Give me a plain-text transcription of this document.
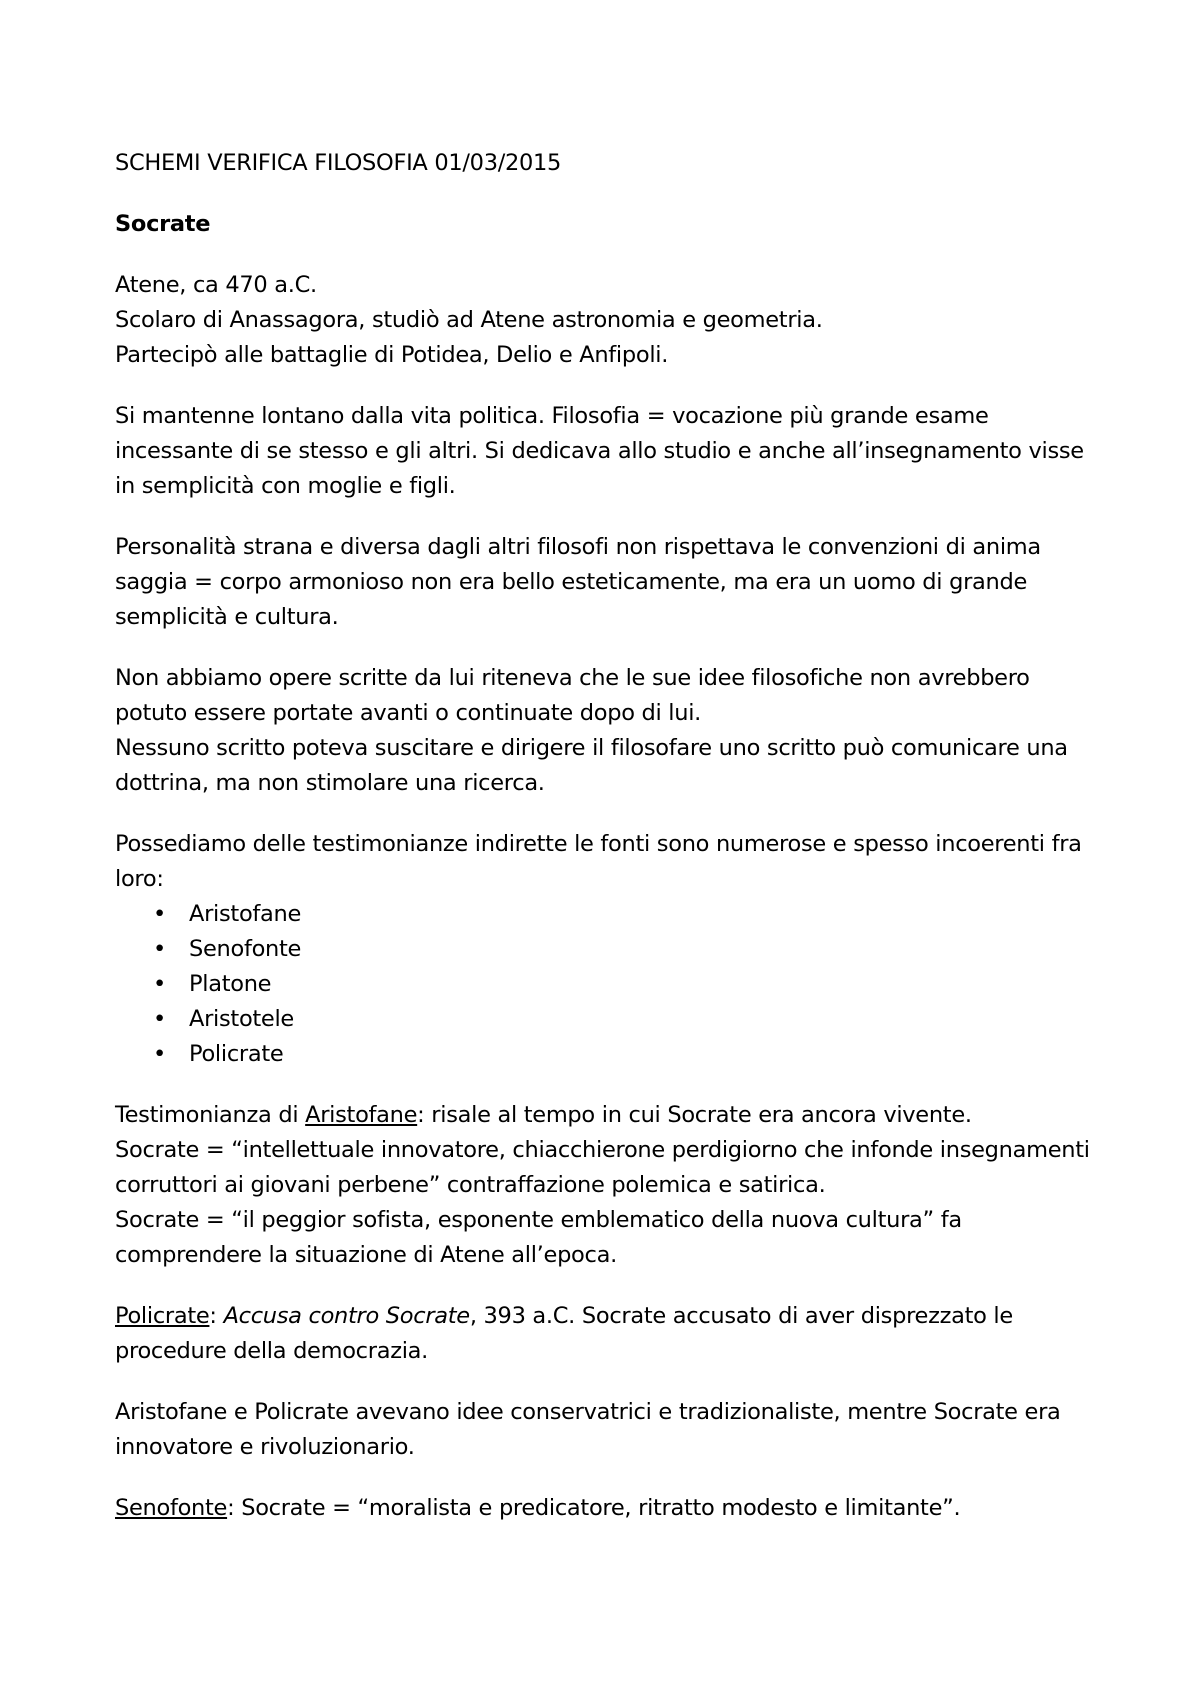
SCHEMI VERIFICA FILOSOFIA 01/03/2015

Socrate

Atene, ca 470 a.C.
Scolaro di Anassagora, studiò ad Atene astronomia e geometria.
Partecipò alle battaglie di Potidea, Delio e Anfipoli.

Si mantenne lontano dalla vita politica. Filosofia = vocazione più grande esame incessante di se stesso e gli altri. Si dedicava allo studio e anche all’insegnamento visse in semplicità con moglie e figli.

Personalità strana e diversa dagli altri filosofi non rispettava le convenzioni di anima saggia = corpo armonioso non era bello esteticamente, ma era un uomo di grande semplicità e cultura.

Non abbiamo opere scritte da lui riteneva che le sue idee filosofiche non avrebbero potuto essere portate avanti o continuate dopo di lui.
Nessuno scritto poteva suscitare e dirigere il filosofare uno scritto può comunicare una dottrina, ma non stimolare una ricerca.

Possediamo delle testimonianze indirette le fonti sono numerose e spesso incoerenti fra loro:

• Aristofane
• Senofonte
• Platone
• Aristotele
• Policrate

Testimonianza di Aristofane: risale al tempo in cui Socrate era ancora vivente.
Socrate = “intellettuale innovatore, chiacchierone perdigiorno che infonde insegnamenti corruttori ai giovani perbene” contraffazione polemica e satirica.
Socrate = “il peggior sofista, esponente emblematico della nuova cultura” fa comprendere la situazione di Atene all’epoca.

Policrate: Accusa contro Socrate, 393 a.C. Socrate accusato di aver disprezzato le procedure della democrazia.

Aristofane e Policrate avevano idee conservatrici e tradizionaliste, mentre Socrate era innovatore e rivoluzionario.

Senofonte: Socrate = “moralista e predicatore, ritratto modesto e limitante”.
